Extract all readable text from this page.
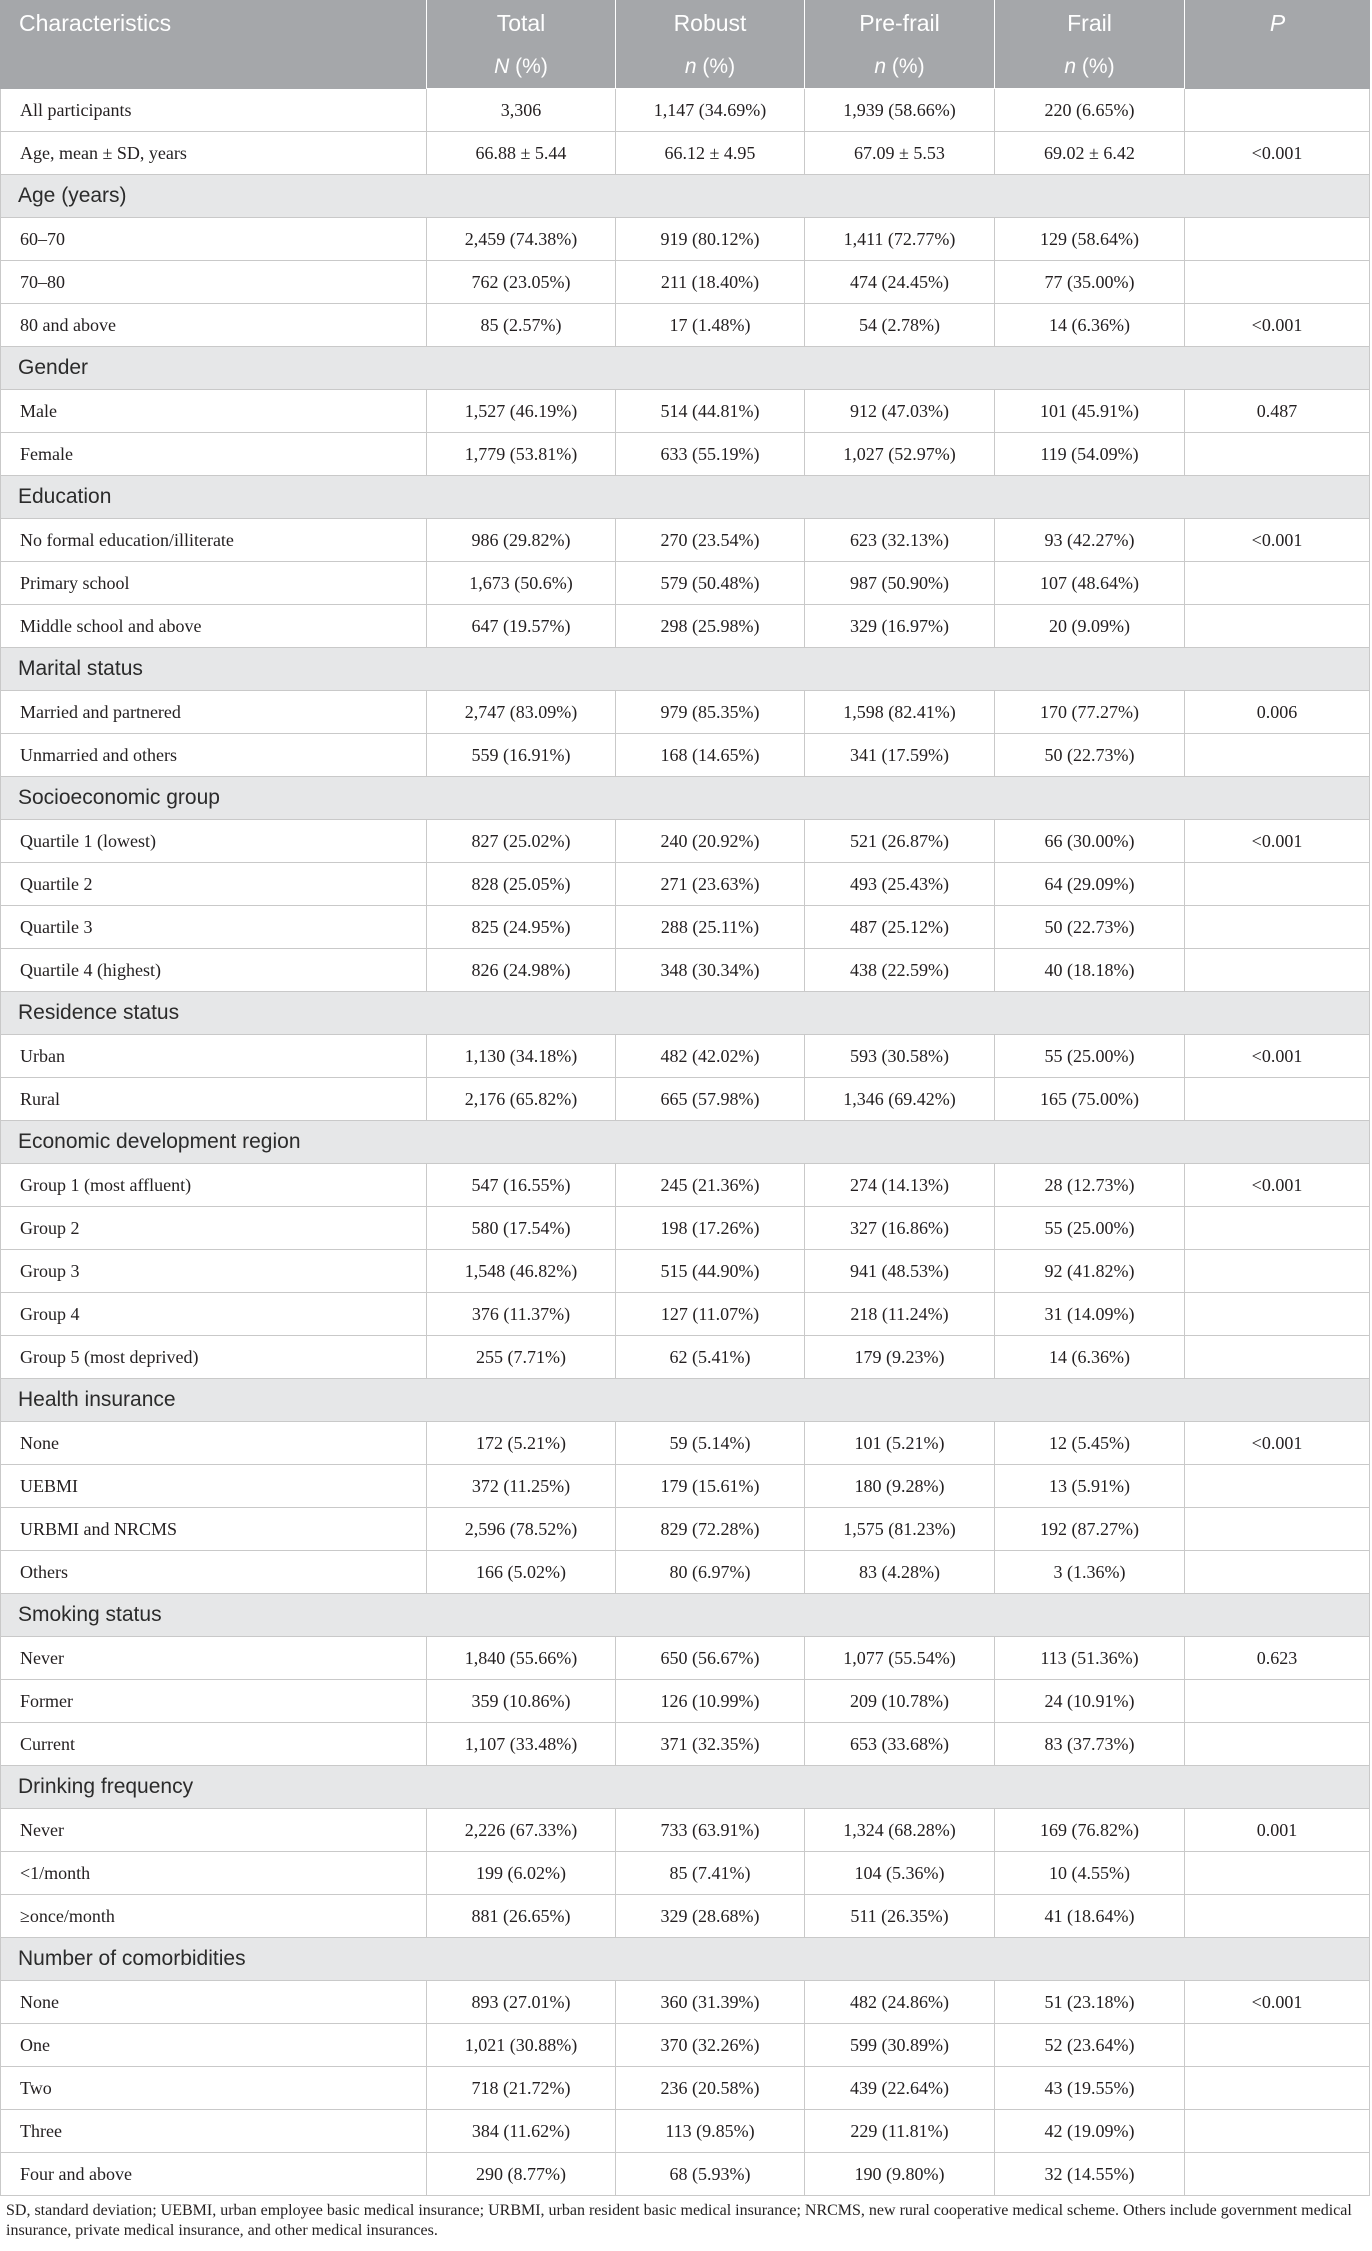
Characteristics	Total	Robust	Pre-frail	Frail	P

	N (%)	n (%)	n (%)	n (%)	

All participants	3,306	1,147 (34.69%)	1,939 (58.66%)	220 (6.65%)	

Age, mean ± SD, years	66.88 ± 5.44	66.12 ± 4.95	67.09 ± 5.53	69.02 ± 6.42	<0.001

Age (years)					

60–70	2,459 (74.38%)	919 (80.12%)	1,411 (72.77%)	129 (58.64%)	

70–80	762 (23.05%)	211 (18.40%)	474 (24.45%)	77 (35.00%)	

80 and above	85 (2.57%)	17 (1.48%)	54 (2.78%)	14 (6.36%)	<0.001

Gender					

Male	1,527 (46.19%)	514 (44.81%)	912 (47.03%)	101 (45.91%)	0.487

Female	1,779 (53.81%)	633 (55.19%)	1,027 (52.97%)	119 (54.09%)	

Education					

No formal education/illiterate	986 (29.82%)	270 (23.54%)	623 (32.13%)	93 (42.27%)	<0.001

Primary school	1,673 (50.6%)	579 (50.48%)	987 (50.90%)	107 (48.64%)	

Middle school and above	647 (19.57%)	298 (25.98%)	329 (16.97%)	20 (9.09%)	

Marital status					

Married and partnered	2,747 (83.09%)	979 (85.35%)	1,598 (82.41%)	170 (77.27%)	0.006

Unmarried and others	559 (16.91%)	168 (14.65%)	341 (17.59%)	50 (22.73%)	

Socioeconomic group					

Quartile 1 (lowest)	827 (25.02%)	240 (20.92%)	521 (26.87%)	66 (30.00%)	<0.001

Quartile 2	828 (25.05%)	271 (23.63%)	493 (25.43%)	64 (29.09%)	

Quartile 3	825 (24.95%)	288 (25.11%)	487 (25.12%)	50 (22.73%)	

Quartile 4 (highest)	826 (24.98%)	348 (30.34%)	438 (22.59%)	40 (18.18%)	

Residence status					

Urban	1,130 (34.18%)	482 (42.02%)	593 (30.58%)	55 (25.00%)	<0.001

Rural	2,176 (65.82%)	665 (57.98%)	1,346 (69.42%)	165 (75.00%)	

Economic development region					

Group 1 (most affluent)	547 (16.55%)	245 (21.36%)	274 (14.13%)	28 (12.73%)	<0.001

Group 2	580 (17.54%)	198 (17.26%)	327 (16.86%)	55 (25.00%)	

Group 3	1,548 (46.82%)	515 (44.90%)	941 (48.53%)	92 (41.82%)	

Group 4	376 (11.37%)	127 (11.07%)	218 (11.24%)	31 (14.09%)	

Group 5 (most deprived)	255 (7.71%)	62 (5.41%)	179 (9.23%)	14 (6.36%)	

Health insurance					

None	172 (5.21%)	59 (5.14%)	101 (5.21%)	12 (5.45%)	<0.001

UEBMI	372 (11.25%)	179 (15.61%)	180 (9.28%)	13 (5.91%)	

URBMI and NRCMS	2,596 (78.52%)	829 (72.28%)	1,575 (81.23%)	192 (87.27%)	

Others	166 (5.02%)	80 (6.97%)	83 (4.28%)	3 (1.36%)	

Smoking status					

Never	1,840 (55.66%)	650 (56.67%)	1,077 (55.54%)	113 (51.36%)	0.623

Former	359 (10.86%)	126 (10.99%)	209 (10.78%)	24 (10.91%)	

Current	1,107 (33.48%)	371 (32.35%)	653 (33.68%)	83 (37.73%)	

Drinking frequency					

Never	2,226 (67.33%)	733 (63.91%)	1,324 (68.28%)	169 (76.82%)	0.001

<1/month	199 (6.02%)	85 (7.41%)	104 (5.36%)	10 (4.55%)	

≥once/month	881 (26.65%)	329 (28.68%)	511 (26.35%)	41 (18.64%)	

Number of comorbidities					

None	893 (27.01%)	360 (31.39%)	482 (24.86%)	51 (23.18%)	<0.001

One	1,021 (30.88%)	370 (32.26%)	599 (30.89%)	52 (23.64%)	

Two	718 (21.72%)	236 (20.58%)	439 (22.64%)	43 (19.55%)	

Three	384 (11.62%)	113 (9.85%)	229 (11.81%)	42 (19.09%)	

Four and above	290 (8.77%)	68 (5.93%)	190 (9.80%)	32 (14.55%)	

SD, standard deviation; UEBMI, urban employee basic medical insurance; URBMI, urban resident basic medical insurance; NRCMS, new rural cooperative medical scheme. Others include government medical insurance, private medical insurance, and other medical insurances.
